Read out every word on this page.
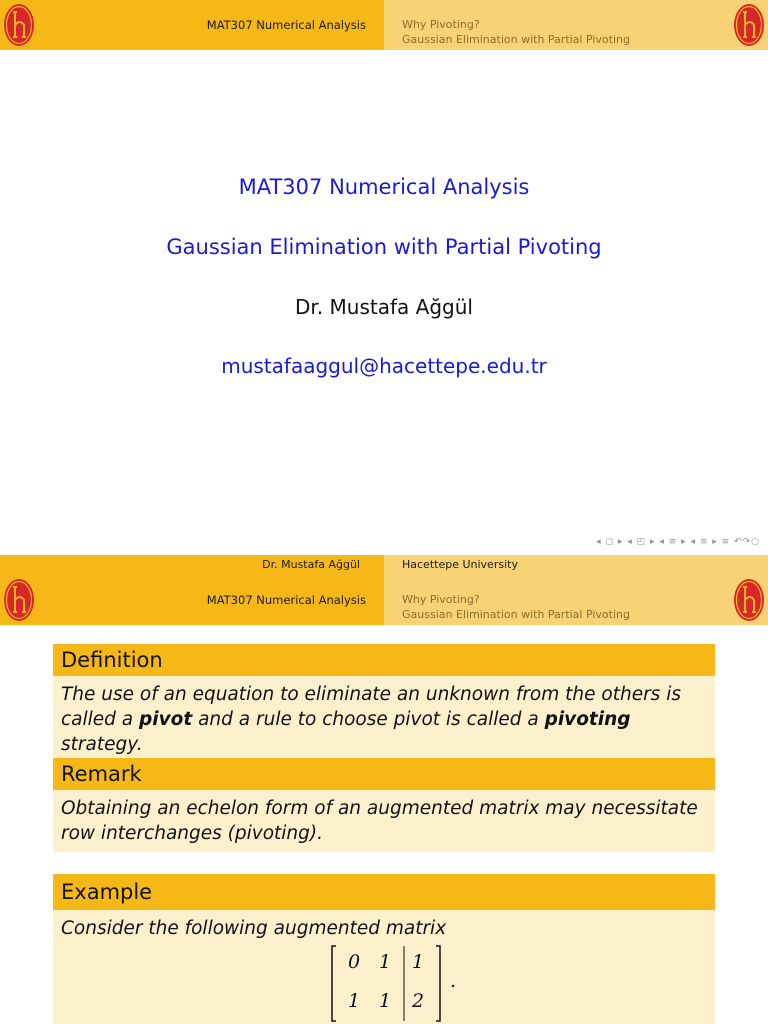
MAT307 Numerical Analysis	Why Pivoting?
Gaussian Elimination with Partial Pivoting
MAT307 Numerical Analysis
Gaussian Elimination with Partial Pivoting
Dr. Mustafa Ağgül
mustafaaggul@hacettepe.edu.tr
◂ ◻ ▸ ◂ ◰ ▸ ◂ ≡ ▸ ◂ ≡ ▸ ≡ ↶↷○
Dr. Mustafa Ağgül	Hacettepe University
MAT307 Numerical Analysis	Why Pivoting?
Gaussian Elimination with Partial Pivoting
Definition
The use of an equation to eliminate an unknown from the others is called a pivot and a rule to choose pivot is called a pivoting strategy.
Remark
Obtaining an echelon form of an augmented matrix may necessitate row interchanges (pivoting).
Example
Consider the following augmented matrix
0 1 1
1 1 2
.
